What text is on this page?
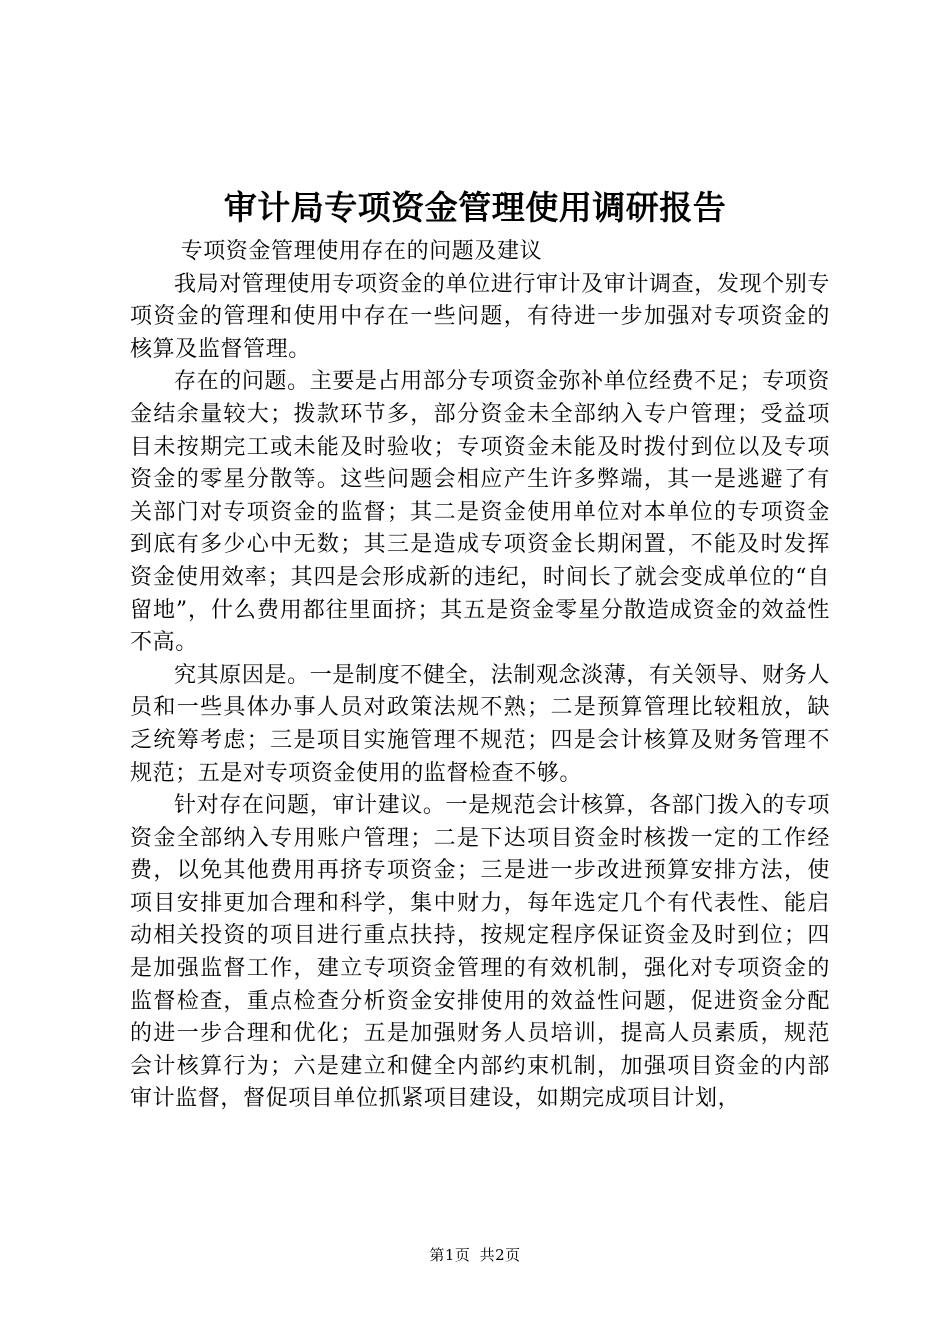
审计局专项资金管理使用调研报告

专项资金管理使用存在的问题及建议

我局对管理使用专项资金的单位进行审计及审计调查，发现个别专项资金的管理和使用中存在一些问题，有待进一步加强对专项资金的核算及监督管理。

存在的问题。主要是占用部分专项资金弥补单位经费不足；专项资金结余量较大；拨款环节多，部分资金未全部纳入专户管理；受益项目未按期完工或未能及时验收；专项资金未能及时拨付到位以及专项资金的零星分散等。这些问题会相应产生许多弊端，其一是逃避了有关部门对专项资金的监督；其二是资金使用单位对本单位的专项资金到底有多少心中无数；其三是造成专项资金长期闲置，不能及时发挥资金使用效率；其四是会形成新的违纪，时间长了就会变成单位的“自留地”，什么费用都往里面挤；其五是资金零星分散造成资金的效益性不高。

究其原因是。一是制度不健全，法制观念淡薄，有关领导、财务人员和一些具体办事人员对政策法规不熟；二是预算管理比较粗放，缺乏统筹考虑；三是项目实施管理不规范；四是会计核算及财务管理不规范；五是对专项资金使用的监督检查不够。

针对存在问题，审计建议。一是规范会计核算，各部门拨入的专项资金全部纳入专用账户管理；二是下达项目资金时核拨一定的工作经费，以免其他费用再挤专项资金；三是进一步改进预算安排方法，使项目安排更加合理和科学，集中财力，每年选定几个有代表性、能启动相关投资的项目进行重点扶持，按规定程序保证资金及时到位；四是加强监督工作，建立专项资金管理的有效机制，强化对专项资金的监督检查，重点检查分析资金安排使用的效益性问题，促进资金分配的进一步合理和优化；五是加强财务人员培训，提高人员素质，规范会计核算行为；六是建立和健全内部约束机制，加强项目资金的内部审计监督，督促项目单位抓紧项目建设，如期完成项目计划，

第1页 共2页
